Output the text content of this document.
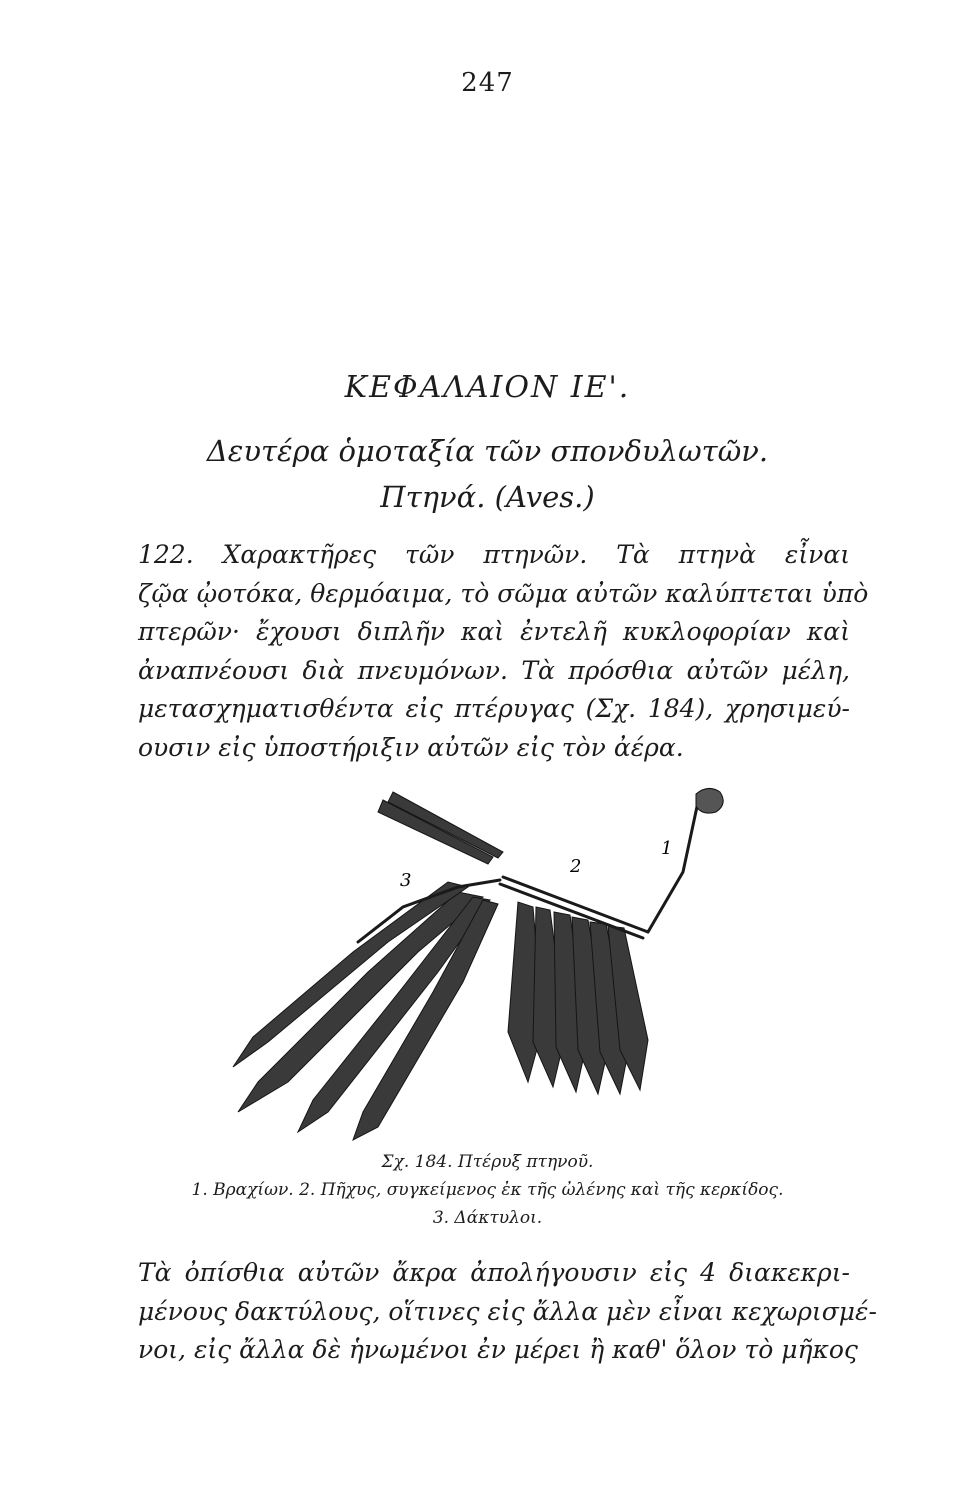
247
ΚΕΦΑΛΑΙΟΝ ΙΕ'.
Δευτέρα ὁμοταξία τῶν σπονδυλωτῶν.
Πτηνά. (Aves.)
122. Χαρακτῆρες τῶν πτηνῶν. Τὰ πτηνὰ εἶναι
ζῷα ᾠοτόκα, θερμόαιμα, τὸ σῶμα αὐτῶν καλύπτεται ὑπὸ
πτερῶν· ἔχουσι διπλῆν καὶ ἐντελῆ κυκλοφορίαν καὶ
ἀναπνέουσι διὰ πνευμόνων. Τὰ πρόσθια αὐτῶν μέλη,
μετασχηματισθέντα εἰς πτέρυγας (Σχ. 184), χρησιμεύ-
ουσιν εἰς ὑποστήριξιν αὐτῶν εἰς τὸν ἀέρα.
1
2
3
Σχ. 184. Πτέρυξ πτηνοῦ.
1. Βραχίων. 2. Πῆχυς, συγκείμενος ἐκ τῆς ὠλένης καὶ τῆς κερκίδος.
3. Δάκτυλοι.
Τὰ ὀπίσθια αὐτῶν ἄκρα ἀπολήγουσιν εἰς 4 διακεκρι-
μένους δακτύλους, οἵτινες εἰς ἄλλα μὲν εἶναι κεχωρισμέ-
νοι, εἰς ἄλλα δὲ ἡνωμένοι ἐν μέρει ἢ καθ' ὅλον τὸ μῆκος
